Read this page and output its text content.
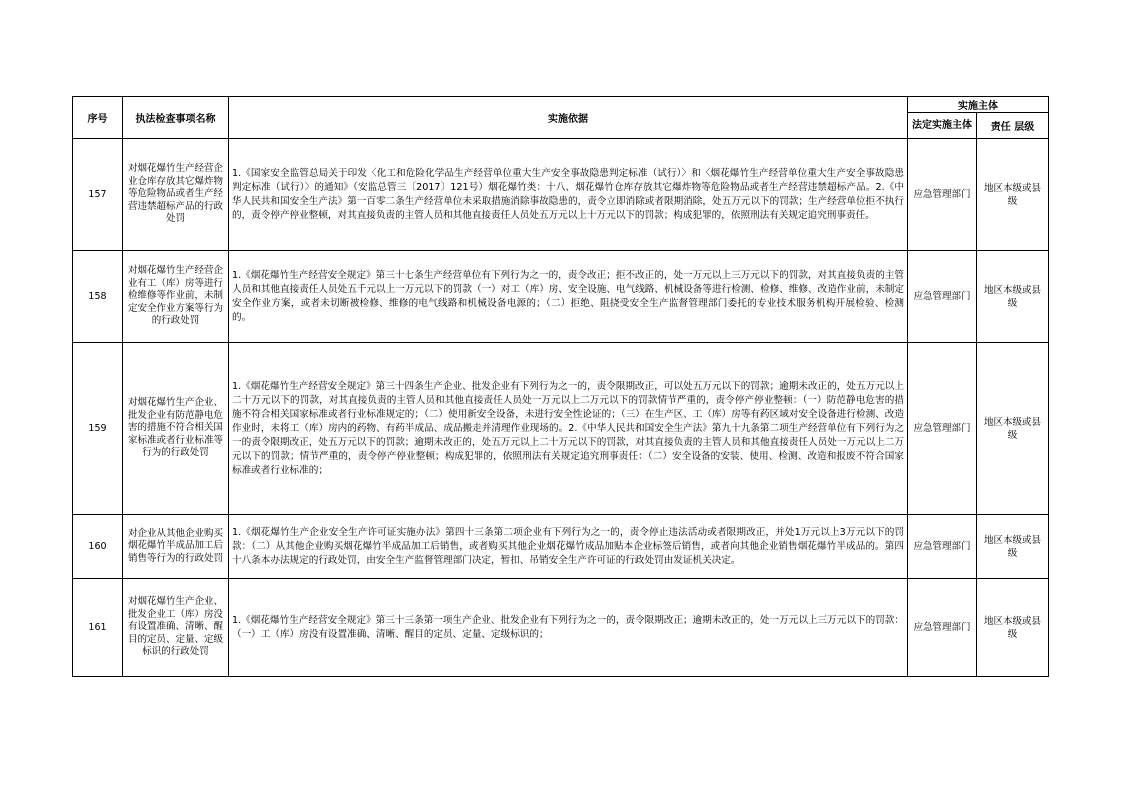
序号	执法检查事项名称	实施依据	实施主体	
			法定实施主体	责任 层级
157	对烟花爆竹生产经营企业仓库存放其它爆炸物等危险物品或者生产经营违禁超标产品的行政处罚	1.《国家安全监管总局关于印发〈化工和危险化学品生产经营单位重大生产安全事故隐患判定标准（试行）〉和〈烟花爆竹生产经营单位重大生产安全事故隐患判定标准（试行）〉的通知》（安监总管三〔2017〕121号）烟花爆竹类：十八、烟花爆竹仓库存放其它爆炸物等危险物品或者生产经营违禁超标产品。2.《中华人民共和国安全生产法》第一百零二条生产经营单位未采取措施消除事故隐患的，责令立即消除或者限期消除，处五万元以下的罚款；生产经营单位拒不执行的，责令停产停业整顿，对其直接负责的主管人员和其他直接责任人员处五万元以上十万元以下的罚款；构成犯罪的，依照刑法有关规定追究刑事责任。	应急管理部门	地区本级或县级
158	对烟花爆竹生产经营企业有工（库）房等进行检维修等作业前，未制定安全作业方案等行为的行政处罚	1.《烟花爆竹生产经营安全规定》第三十七条生产经营单位有下列行为之一的，责令改正；拒不改正的，处一万元以上三万元以下的罚款，对其直接负责的主管人员和其他直接责任人员处五千元以上一万元以下的罚款（一）对工（库）房、安全设施、电气线路、机械设备等进行检测、检修、维修、改造作业前，未制定安全作业方案，或者未切断被检修、维修的电气线路和机械设备电源的；（二）拒绝、阻挠受安全生产监督管理部门委托的专业技术服务机构开展检验、检测的。	应急管理部门	地区本级或县级
159	对烟花爆竹生产企业、批发企业有防范静电危害的措施不符合相关国家标准或者行业标准等行为的行政处罚	1.《烟花爆竹生产经营安全规定》第三十四条生产企业、批发企业有下列行为之一的，责令限期改正，可以处五万元以下的罚款；逾期未改正的，处五万元以上二十万元以下的罚款，对其直接负责的主管人员和其他直接责任人员处一万元以上二万元以下的罚款情节严重的，责令停产停业整顿：（一）防范静电危害的措施不符合相关国家标准或者行业标准规定的；（二）使用新安全设备，未进行安全性论证的；（三）在生产区、工（库）房等有药区域对安全设备进行检测、改造作业时，未将工（库）房内的药物、有药半成品、成品搬走并清理作业现场的。2.《中华人民共和国安全生产法》第九十九条第二项生产经营单位有下列行为之一的责令限期改正，处五万元以下的罚款；逾期未改正的，处五万元以上二十万元以下的罚款，对其直接负责的主管人员和其他直接责任人员处一万元以上二万元以下的罚款；情节严重的，责令停产停业整顿；构成犯罪的，依照刑法有关规定追究刑事责任：（二）安全设备的安装、使用、检测、改造和报废不符合国家标准或者行业标准的；	应急管理部门	地区本级或县级
160	对企业从其他企业购买烟花爆竹半成品加工后销售等行为的行政处罚	1.《烟花爆竹生产企业安全生产许可证实施办法》第四十三条第二项企业有下列行为之一的，责令停止违法活动或者限期改正，并处1万元以上3万元以下的罚款：（二）从其他企业购买烟花爆竹半成品加工后销售，或者购买其他企业烟花爆竹成品加贴本企业标签后销售，或者向其他企业销售烟花爆竹半成品的。第四十八条本办法规定的行政处罚，由安全生产监督管理部门决定，暂扣、吊销安全生产许可证的行政处罚由发证机关决定。	应急管理部门	地区本级或县级
161	对烟花爆竹生产企业、批发企业工（库）房没有设置准确、清晰、醒目的定员、定量、定级标识的行政处罚	1.《烟花爆竹生产经营安全规定》第三十三条第一项生产企业、批发企业有下列行为之一的，责令限期改正；逾期未改正的，处一万元以上三万元以下的罚款：（一）工（库）房没有设置准确、清晰、醒目的定员、定量、定级标识的；	应急管理部门	地区本级或县级
